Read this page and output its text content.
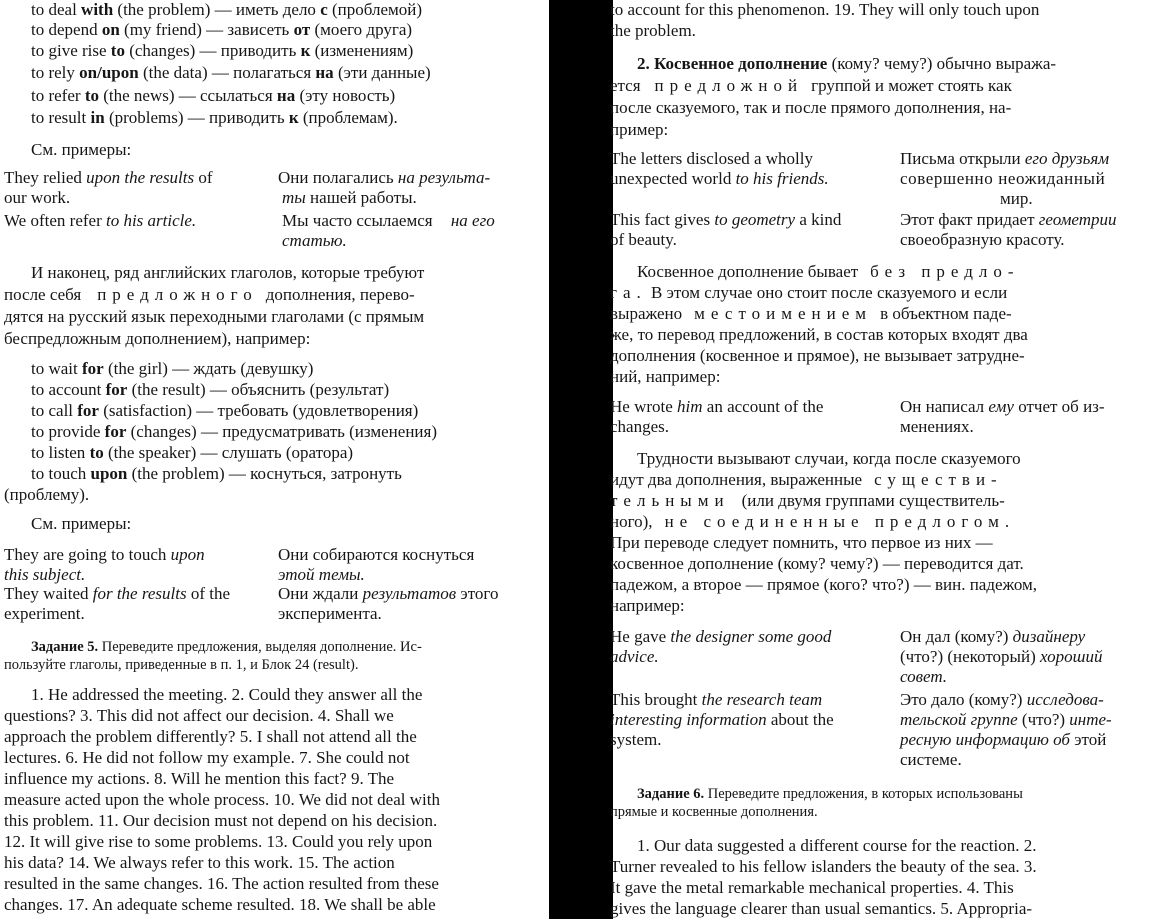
to deal with (the problem) — иметь дело с (проблемой)
to depend on (my friend) — зависеть от (моего друга)
to give rise to (changes) — приводить к (изменениям)
to rely on/upon (the data) — полагаться на (эти данные)
to refer to (the news) — ссылаться на (эту новость)
to result in (problems) — приводить к (проблемам).
См. примеры:
They relied upon the results of
our work.
Они полагались на результа-
ты нашей работы.
We often refer to his article.	Мы часто ссылаемся на его
статью.
И наконец, ряд английских глаголов, которые требуют
после себя предложного дополнения, перево-
дятся на русский язык переходными глаголами (с прямым
беспредложным дополнением), например:
to wait for (the girl) — ждать (девушку)
to account for (the result) — объяснить (результат)
to call for (satisfaction) — требовать (удовлетворения)
to provide for (changes) — предусматривать (изменения)
to listen to (the speaker) — слушать (оратора)
to touch upon (the problem) — коснуться, затронуть
(проблему).
См. примеры:
They are going to touch upon
this subject.
Они собираются коснуться
этой темы.
They waited for the results of the
experiment.
Они ждали результатов этого
эксперимента.
Задание 5. Переведите предложения, выделяя дополнение. Ис-
пользуйте глаголы, приведенные в п. 1, и Блок 24 (result).
1. He addressed the meeting. 2. Could they answer all the
questions? 3. This did not affect our decision. 4. Shall we
approach the problem differently? 5. I shall not attend all the
lectures. 6. He did not follow my example. 7. She could not
influence my actions. 8. Will he mention this fact? 9. The
measure acted upon the whole process. 10. We did not deal with
this problem. 11. Our decision must not depend on his decision.
12. It will give rise to some problems. 13. Could you rely upon
his data? 14. We always refer to this work. 15. The action
resulted in the same changes. 16. The action resulted from these
changes. 17. An adequate scheme resulted. 18. We shall be able
to account for this phenomenon. 19. They will only touch upon
the problem.
2. Косвенное дополнение (кому? чему?) обычно выража-
ется предложной группой и может стоять как
после сказуемого, так и после прямого дополнения, на-
пример:
The letters disclosed a wholly
unexpected world to his friends.
Письма открыли его друзьям
совершенно неожиданный
мир.
This fact gives to geometry a kind
of beauty.
Этот факт придает геометрии
своеобразную красоту.
Косвенное дополнение бывает без предло-
га. В этом случае оно стоит после сказуемого и если
выражено местоимением в объектном паде-
же, то перевод предложений, в состав которых входят два
дополнения (косвенное и прямое), не вызывает затрудне-
ний, например:
He wrote him an account of the
changes.
Он написал ему отчет об из-
менениях.
Трудности вызывают случаи, когда после сказуемого
идут два дополнения, выраженные существи-
тельными (или двумя группами существитель-
ного), не соединенные предлогом.
При переводе следует помнить, что первое из них —
косвенное дополнение (кому? чему?) — переводится дат.
падежом, а второе — прямое (кого? что?) — вин. падежом,
например:
He gave the designer some good
advice.
Он дал (кому?) дизайнеру
(что?) (некоторый) хороший
совет.
This brought the research team
interesting information about the
system.
Это дало (кому?) исследова-
тельской группе (что?) инте-
ресную информацию об этой
системе.
Задание 6. Переведите предложения, в которых использованы
прямые и косвенные дополнения.
1. Our data suggested a different course for the reaction. 2.
Turner revealed to his fellow islanders the beauty of the sea. 3.
It gave the metal remarkable mechanical properties. 4. This
gives the language clearer than usual semantics. 5. Appropria-
